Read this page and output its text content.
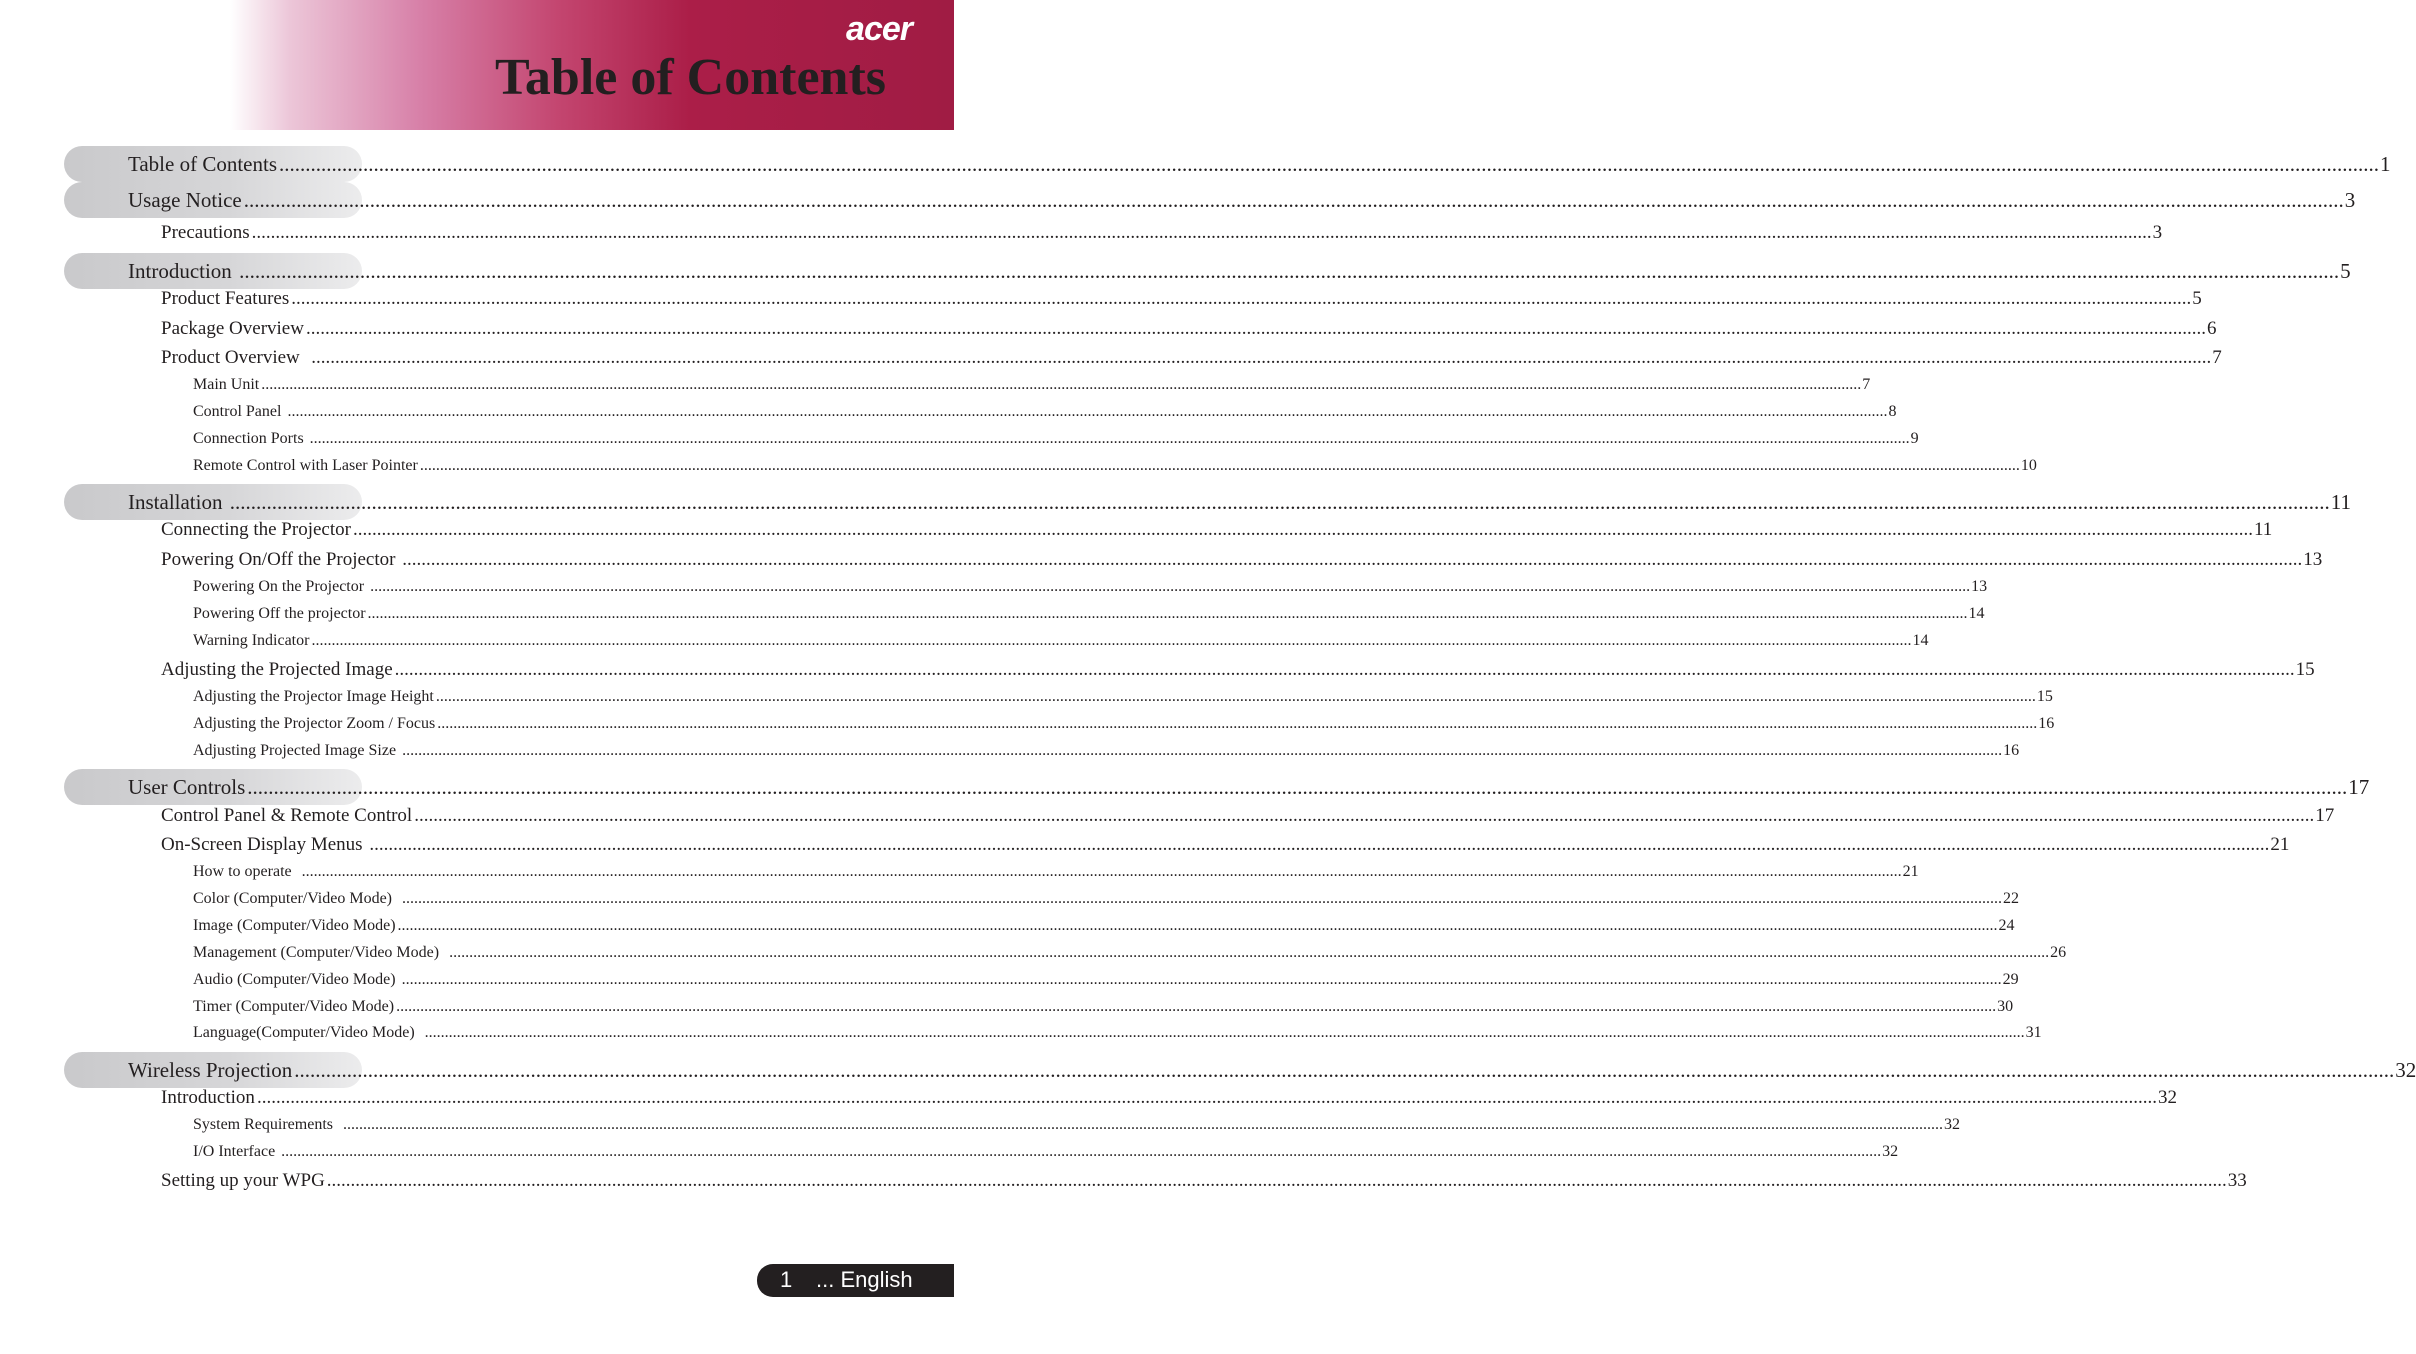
acer
Table of Contents
Table of Contents ................................................................................................................................................................................................................................................................................................................................................................................................................ 1
Usage Notice ................................................................................................................................................................................................................................................................................................................................................................................................................ 3
Precautions ................................................................................................................................................................................................................................................................................................................................................................................................................ 3
Introduction ................................................................................................................................................................................................................................................................................................................................................................................................................ 5
Product Features ................................................................................................................................................................................................................................................................................................................................................................................................................ 5
Package Overview ................................................................................................................................................................................................................................................................................................................................................................................................................ 6
Product Overview ................................................................................................................................................................................................................................................................................................................................................................................................................ 7
Main Unit ................................................................................................................................................................................................................................................................................................................................................................................................................ 7
Control Panel ................................................................................................................................................................................................................................................................................................................................................................................................................ 8
Connection Ports ................................................................................................................................................................................................................................................................................................................................................................................................................ 9
Remote Control with Laser Pointer ................................................................................................................................................................................................................................................................................................................................................................................................................ 10
Installation ................................................................................................................................................................................................................................................................................................................................................................................................................ 11
Connecting the Projector ................................................................................................................................................................................................................................................................................................................................................................................................................ 11
Powering On/Off the Projector ................................................................................................................................................................................................................................................................................................................................................................................................................ 13
Powering On the Projector ................................................................................................................................................................................................................................................................................................................................................................................................................ 13
Powering Off the projector ................................................................................................................................................................................................................................................................................................................................................................................................................ 14
Warning Indicator ................................................................................................................................................................................................................................................................................................................................................................................................................ 14
Adjusting the Projected Image ................................................................................................................................................................................................................................................................................................................................................................................................................ 15
Adjusting the Projector Image Height ................................................................................................................................................................................................................................................................................................................................................................................................................ 15
Adjusting the Projector Zoom / Focus ................................................................................................................................................................................................................................................................................................................................................................................................................ 16
Adjusting Projected Image Size ................................................................................................................................................................................................................................................................................................................................................................................................................ 16
User Controls ................................................................................................................................................................................................................................................................................................................................................................................................................ 17
Control Panel & Remote Control ................................................................................................................................................................................................................................................................................................................................................................................................................ 17
On-Screen Display Menus ................................................................................................................................................................................................................................................................................................................................................................................................................ 21
How to operate ................................................................................................................................................................................................................................................................................................................................................................................................................ 21
Color (Computer/Video Mode) ................................................................................................................................................................................................................................................................................................................................................................................................................ 22
Image (Computer/Video Mode) ................................................................................................................................................................................................................................................................................................................................................................................................................ 24
Management (Computer/Video Mode) ................................................................................................................................................................................................................................................................................................................................................................................................................ 26
Audio (Computer/Video Mode) ................................................................................................................................................................................................................................................................................................................................................................................................................ 29
Timer (Computer/Video Mode) ................................................................................................................................................................................................................................................................................................................................................................................................................ 30
Language(Computer/Video Mode) ................................................................................................................................................................................................................................................................................................................................................................................................................ 31
Wireless Projection ................................................................................................................................................................................................................................................................................................................................................................................................................ 32
Introduction ................................................................................................................................................................................................................................................................................................................................................................................................................ 32
System Requirements ................................................................................................................................................................................................................................................................................................................................................................................................................ 32
I/O Interface ................................................................................................................................................................................................................................................................................................................................................................................................................ 32
Setting up your WPG ................................................................................................................................................................................................................................................................................................................................................................................................................ 33
1 ... English
